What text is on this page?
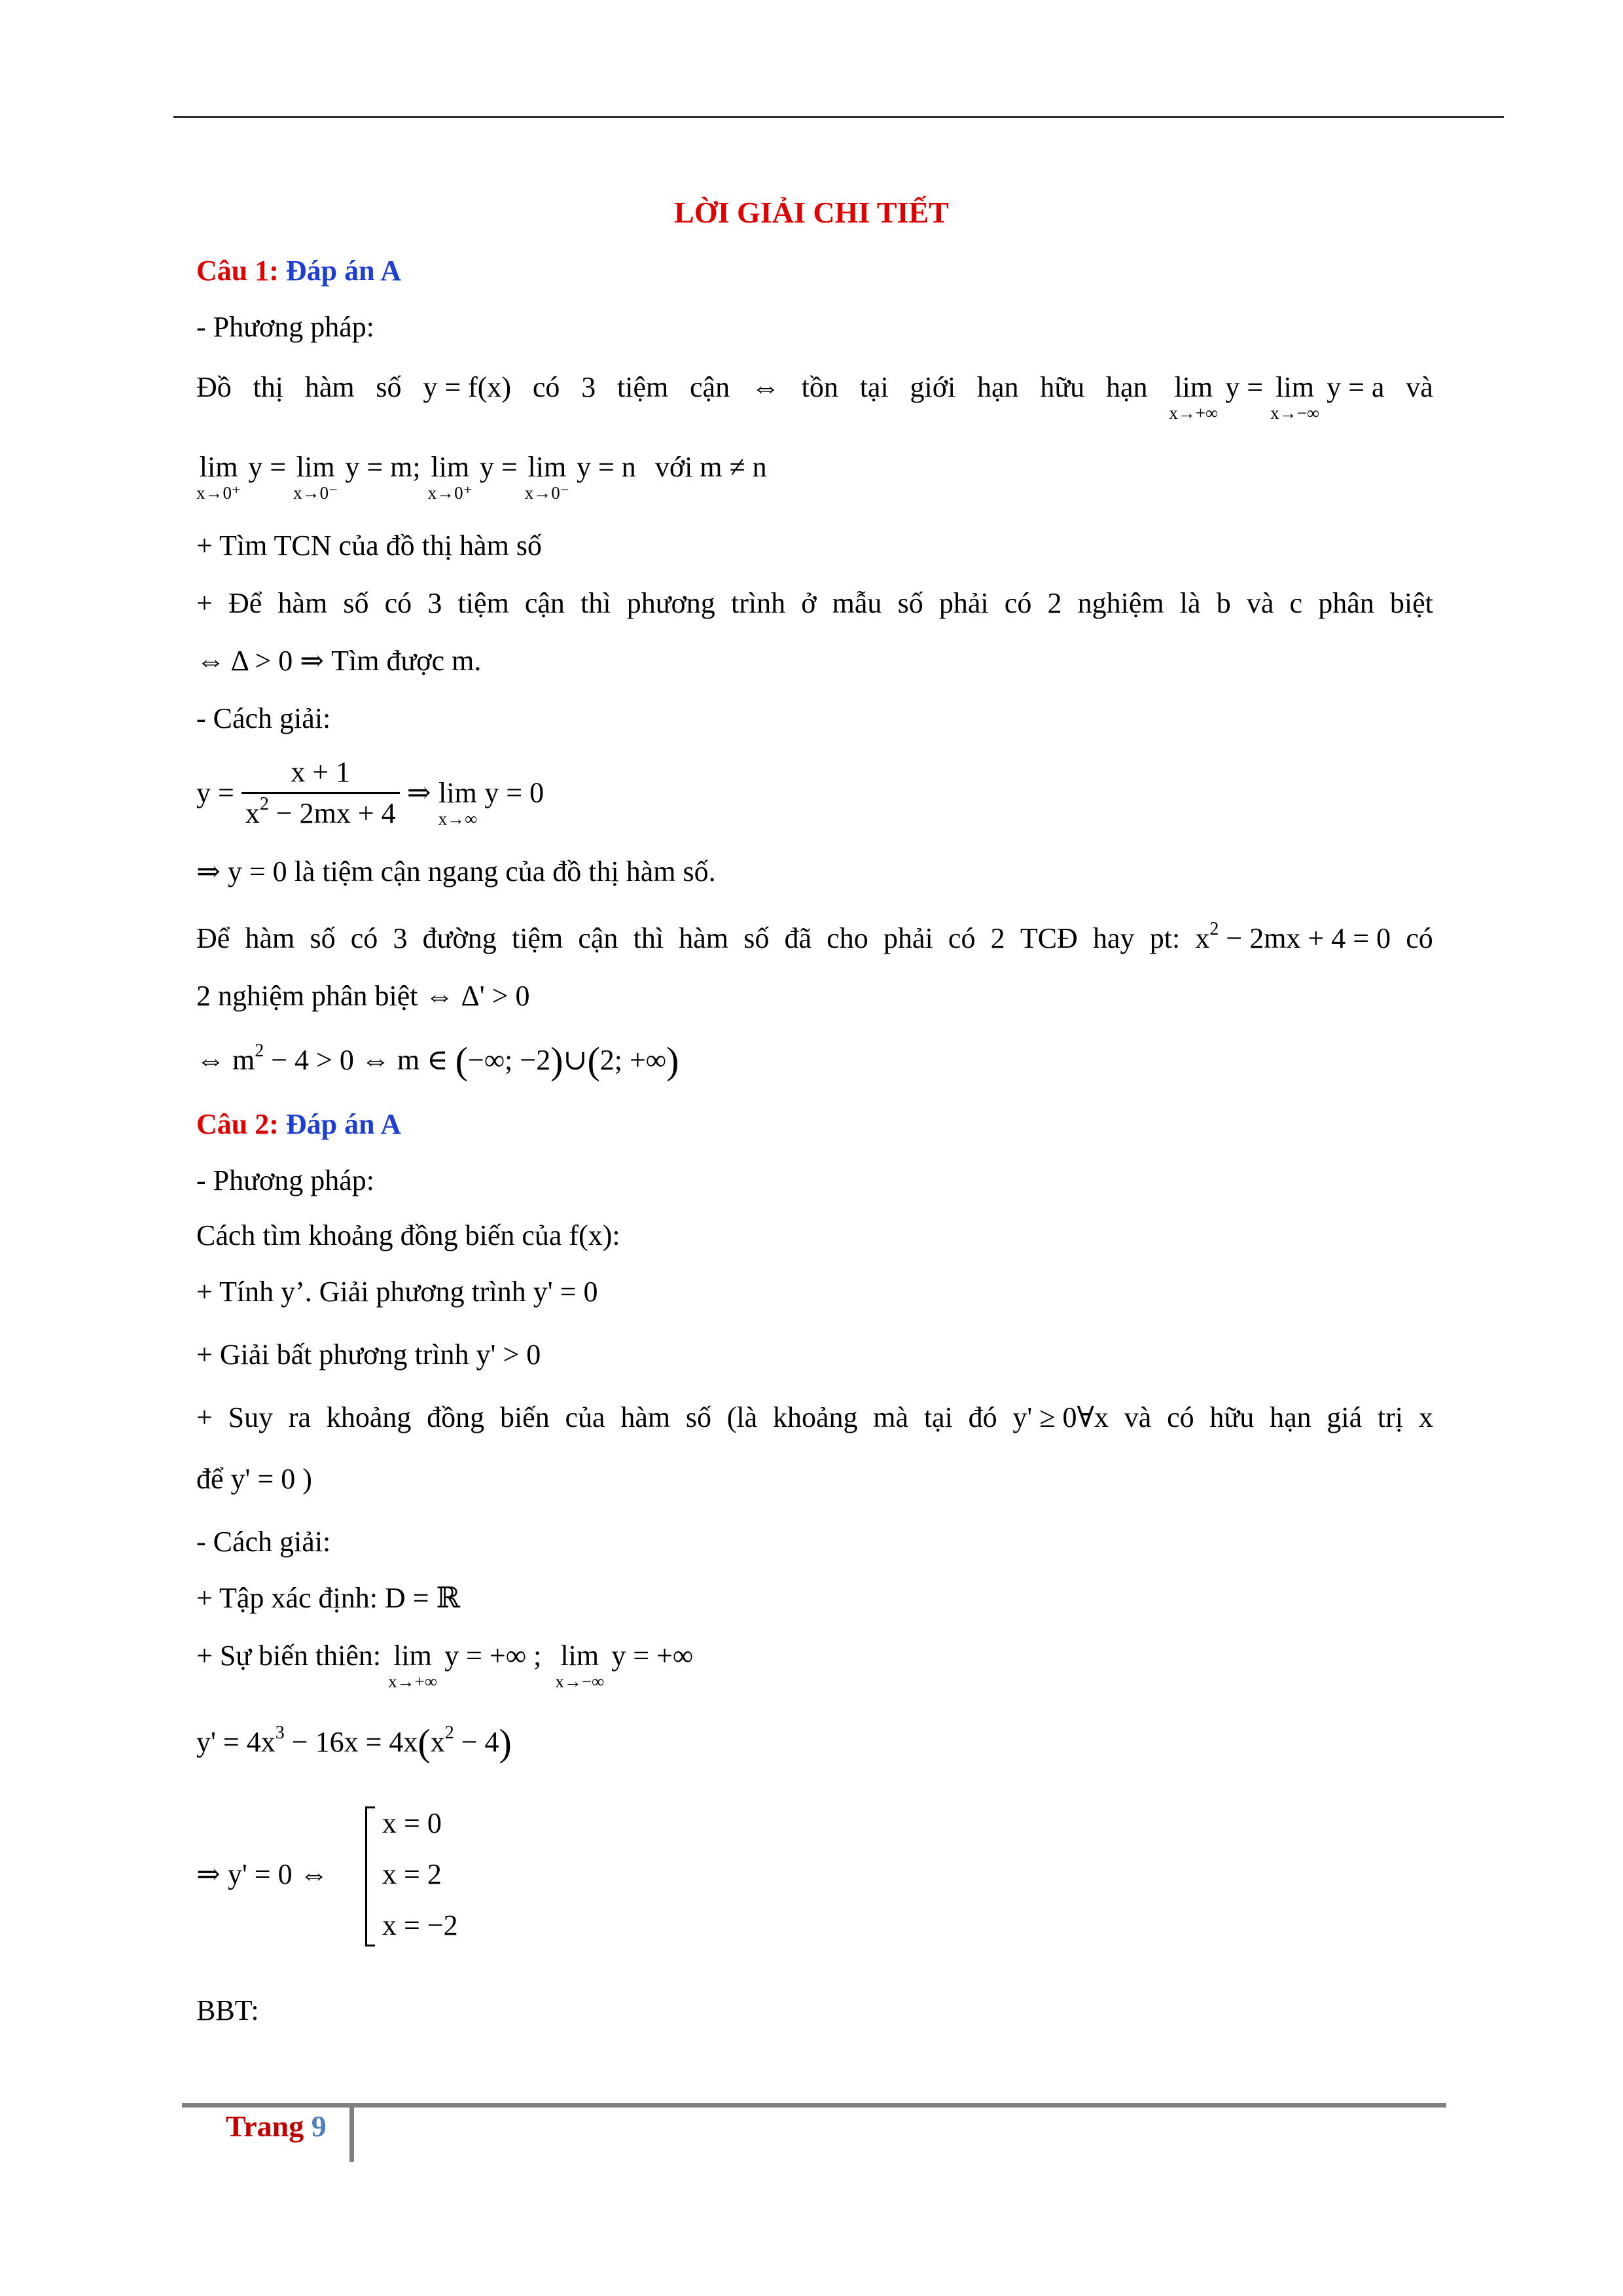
LỜI GIẢI CHI TIẾT
Câu 1: Đáp án A
- Phương pháp:
Đồ thị hàm số y = f(x) có 3 tiệm cận ⇔ tồn tại giới hạn hữu hạn lim
x→+∞
y = lim
x→−∞
y = a và
lim
x→0⁺
y = lim
x→0⁻
y = m; lim
x→0⁺
y = lim
x→0⁻
y = n với m ≠ n
+ Tìm TCN của đồ thị hàm số
+ Để hàm số có 3 tiệm cận thì phương trình ở mẫu số phải có 2 nghiệm là b và c phân biệt
⇔ Δ > 0 ⇒ Tìm được m.
- Cách giải:
$y = \frac{x + 1}{x^2 - 2mx + 4}$ ⇒ lim
x→∞
y = 0
⇒ y = 0 là tiệm cận ngang của đồ thị hàm số.
Để hàm số có 3 đường tiệm cận thì hàm số đã cho phải có 2 TCĐ hay pt: $x^2 - 2mx + 4 = 0$ có
2 nghiệm phân biệt ⇔ Δ' > 0
⇔ $m^2 - 4 > 0$ ⇔ m ∈ (−∞; −2)∪(2; +∞)
Câu 2: Đáp án A
- Phương pháp:
Cách tìm khoảng đồng biến của f(x):
+ Tính y’. Giải phương trình y' = 0
+ Giải bất phương trình y' > 0
+ Suy ra khoảng đồng biến của hàm số (là khoảng mà tại đó y' ≥ 0∀x và có hữu hạn giá trị x
để y' = 0 )
- Cách giải:
+ Tập xác định: D = ℝ
+ Sự biến thiên: lim
x→+∞
y = +∞ ; lim
x→−∞
y = +∞
$y' = 4x^3 - 16x = 4x(x^2 - 4)$
⇒ y' = 0 ⇔
x = 0
x = 2
x = −2
BBT:
Trang 9
